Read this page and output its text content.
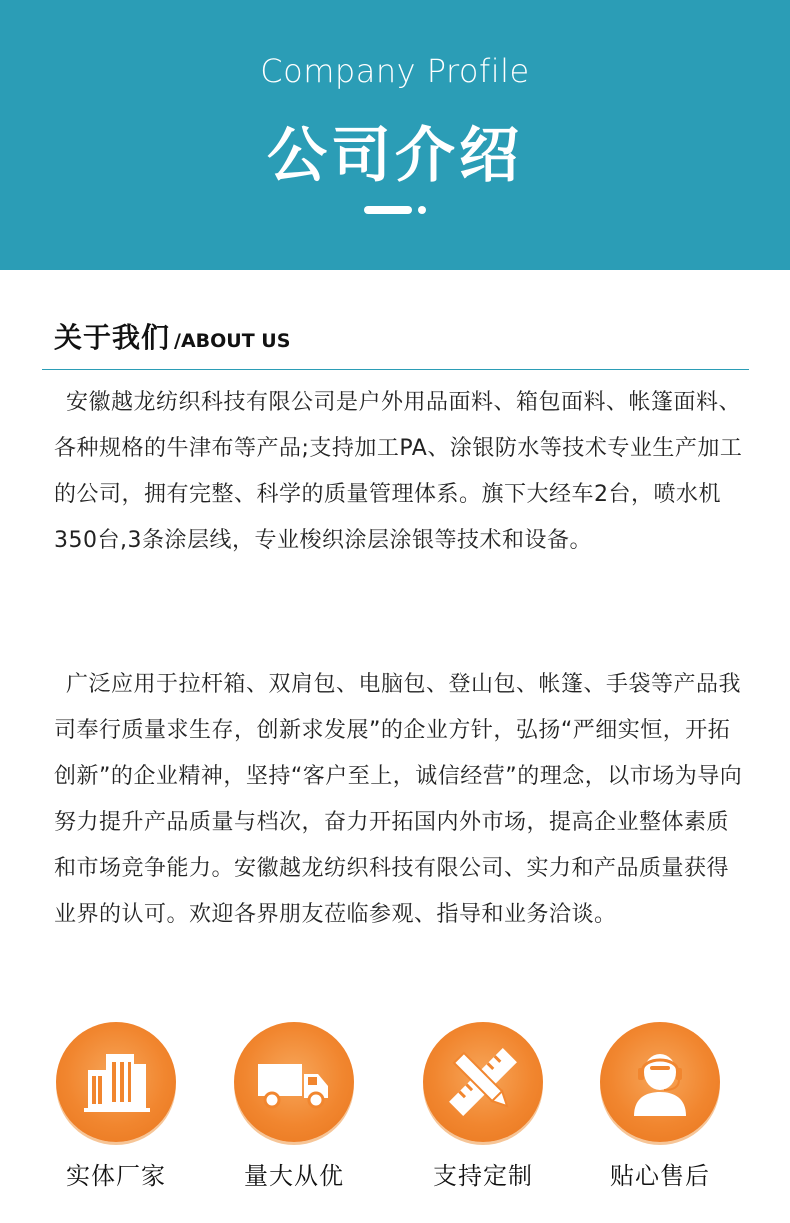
Company Profile
公司介绍
关于我们 /ABOUT US

安徽越龙纺织科技有限公司是户外用品面料、箱包面料、帐篷面料、各种规格的牛津布等产品;支持加工PA、涂银防水等技术专业生产加工的公司，拥有完整、科学的质量管理体系。旗下大经车2台，喷水机350台,3条涂层线，专业梭织涂层涂银等技术和设备。

广泛应用于拉杆箱、双肩包、电脑包、登山包、帐篷、手袋等产品我司奉行质量求生存，创新求发展”的企业方针，弘扬“严细实恒，开拓创新”的企业精神，坚持“客户至上，诚信经营”的理念，以市场为导向努力提升产品质量与档次，奋力开拓国内外市场，提高企业整体素质和市场竞争能力。安徽越龙纺织科技有限公司、实力和产品质量获得业界的认可。欢迎各界朋友莅临参观、指导和业务洽谈。

实体厂家	量大从优	支持定制	贴心售后
